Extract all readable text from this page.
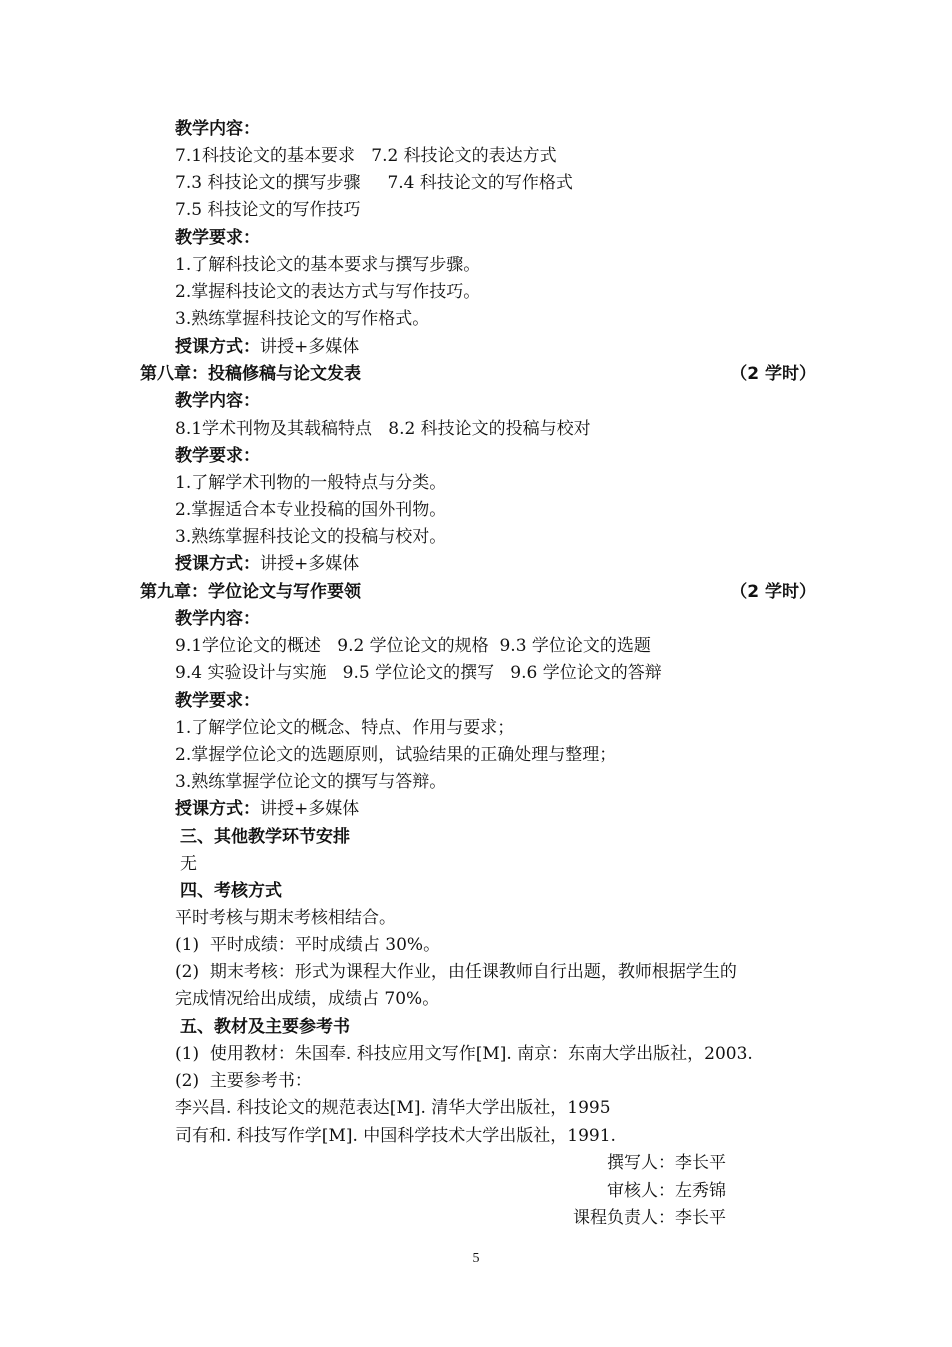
教学内容：
7.1科技论文的基本要求   7.2 科技论文的表达方式
7.3 科技论文的撰写步骤     7.4 科技论文的写作格式
7.5 科技论文的写作技巧
教学要求：
1.了解科技论文的基本要求与撰写步骤。
2.掌握科技论文的表达方式与写作技巧。
3.熟练掌握科技论文的写作格式。
授课方式：讲授+多媒体
第八章：投稿修稿与论文发表	（2 学时）
教学内容：
8.1学术刊物及其载稿特点   8.2 科技论文的投稿与校对
教学要求：
1.了解学术刊物的一般特点与分类。
2.掌握适合本专业投稿的国外刊物。
3.熟练掌握科技论文的投稿与校对。
授课方式：讲授+多媒体
第九章：学位论文与写作要领	（2 学时）
教学内容：
9.1学位论文的概述   9.2 学位论文的规格  9.3 学位论文的选题
9.4 实验设计与实施   9.5 学位论文的撰写   9.6 学位论文的答辩
教学要求：
1.了解学位论文的概念、特点、作用与要求；
2.掌握学位论文的选题原则，试验结果的正确处理与整理；
3.熟练掌握学位论文的撰写与答辩。
授课方式：讲授+多媒体
三、其他教学环节安排
无
四、考核方式
平时考核与期末考核相结合。
(1)  平时成绩：平时成绩占 30%。
(2)  期末考核：形式为课程大作业，由任课教师自行出题，教师根据学生的
完成情况给出成绩，成绩占 70%。
五、教材及主要参考书
(1)  使用教材：朱国奉. 科技应用文写作[M]. 南京：东南大学出版社，2003.
(2)  主要参考书：
李兴昌. 科技论文的规范表达[M]. 清华大学出版社，1995
司有和. 科技写作学[M]. 中国科学技术大学出版社，1991.
撰写人：李长平
审核人：左秀锦
课程负责人：李长平
5
